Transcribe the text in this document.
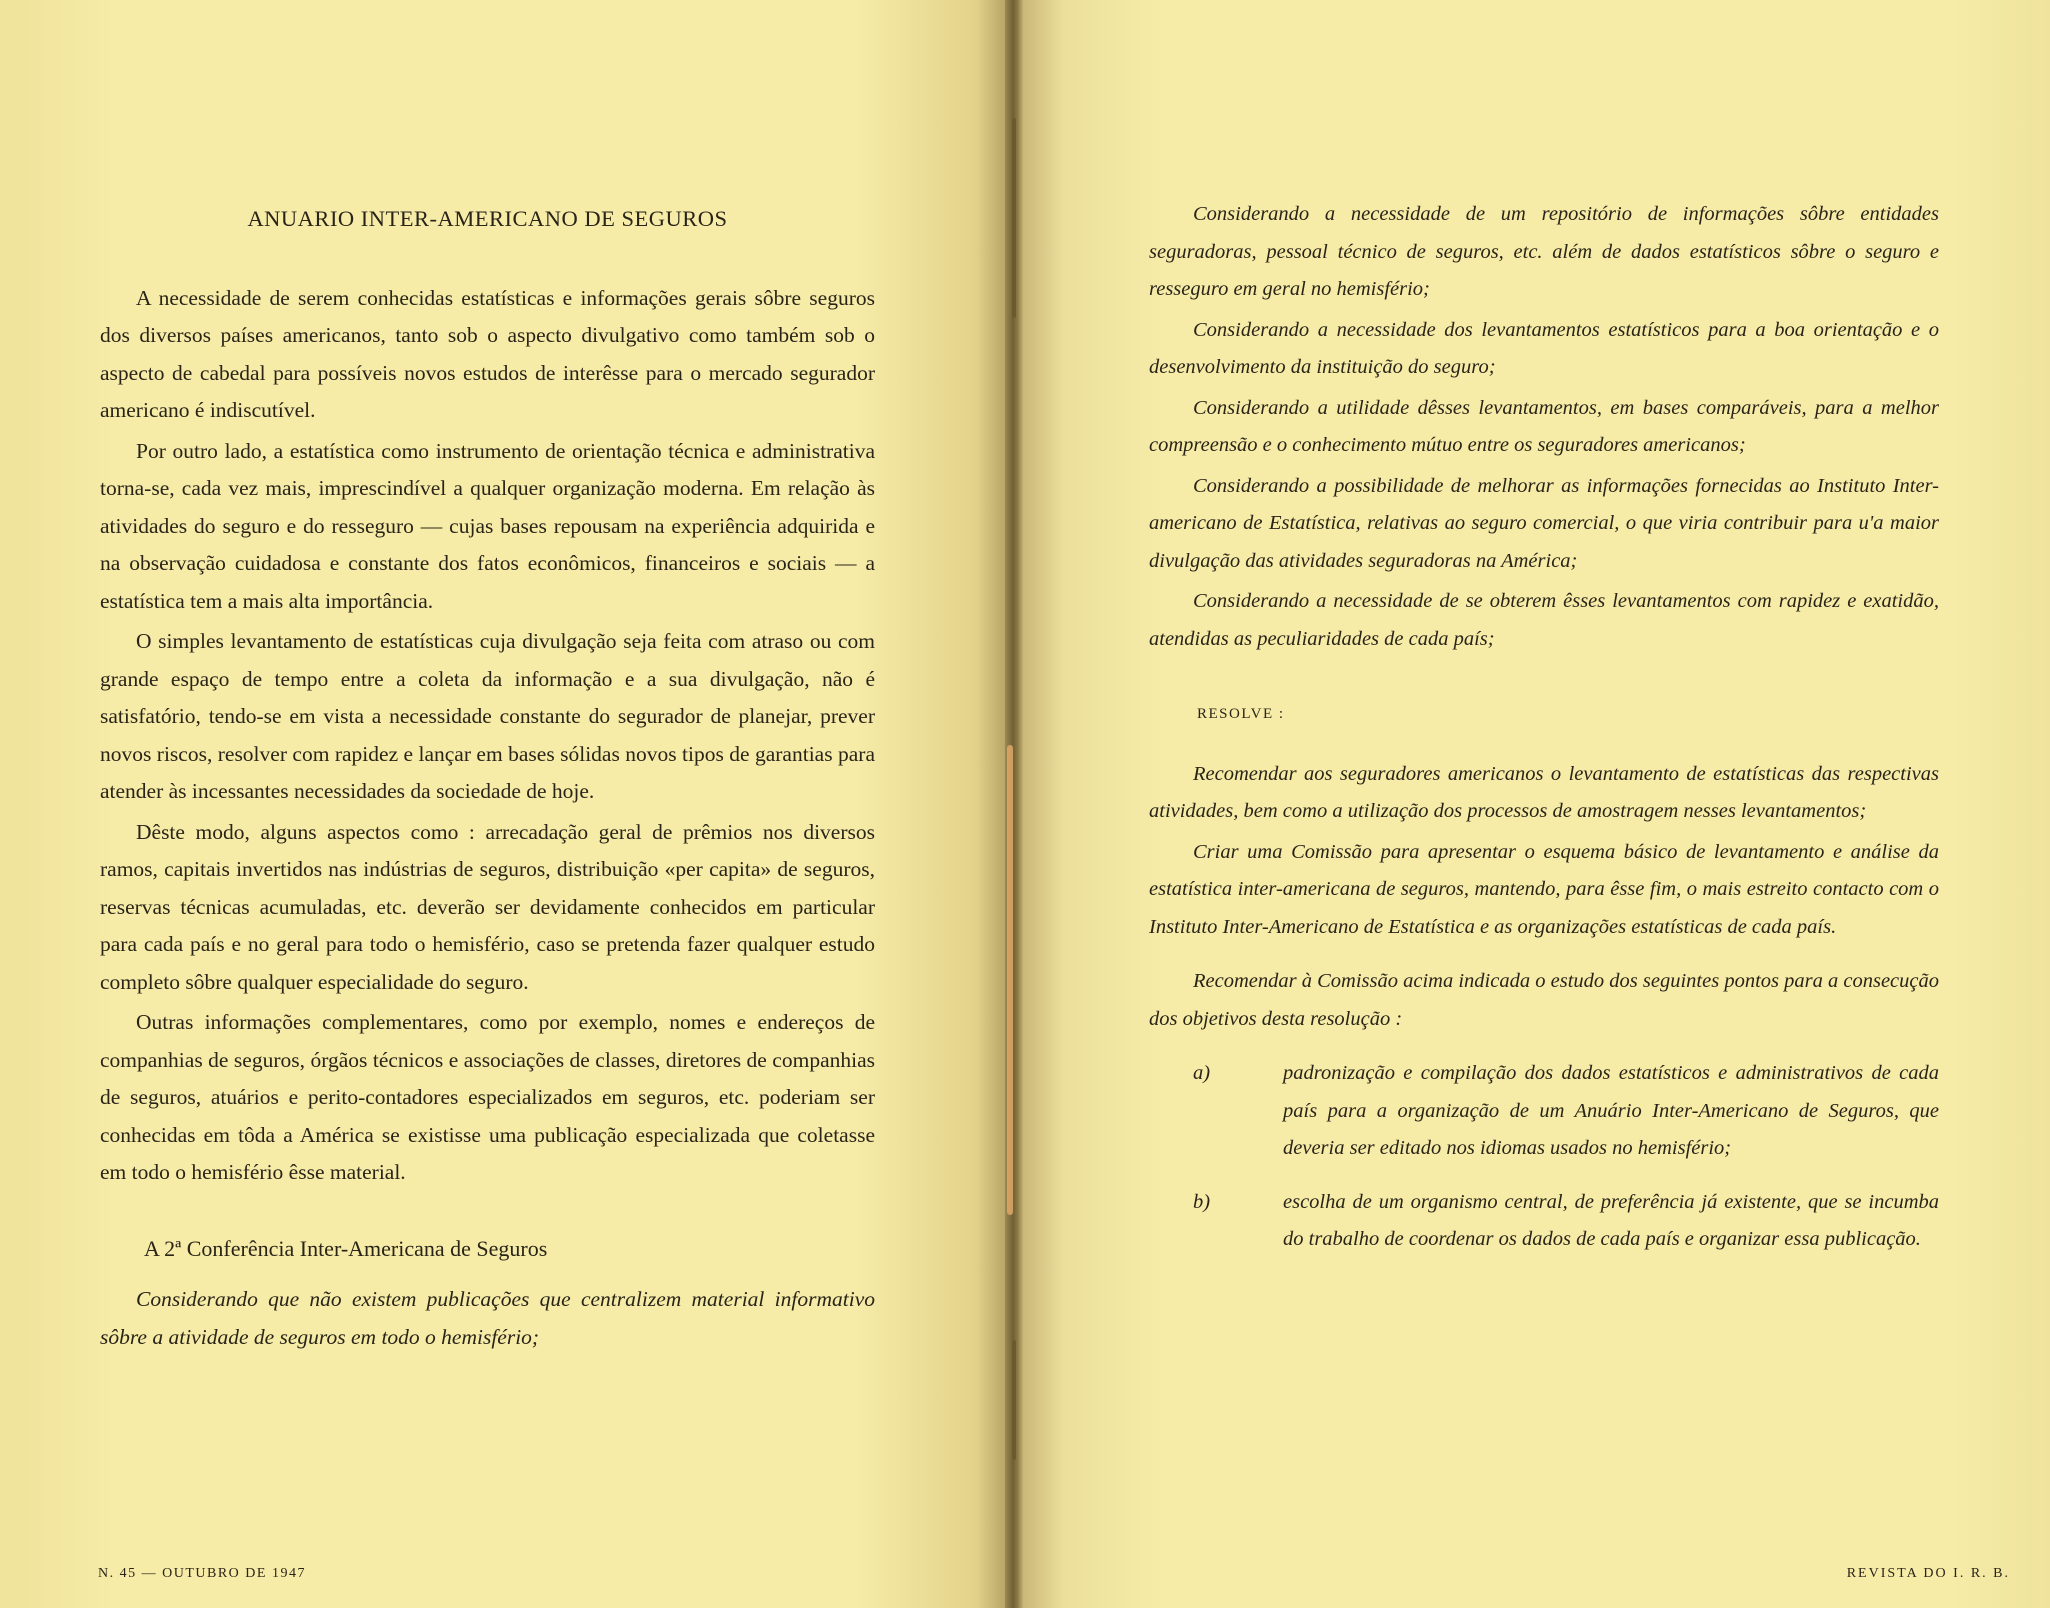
ANUARIO INTER-AMERICANO DE SEGUROS

A necessidade de serem conhecidas estatísticas e informações gerais sôbre seguros dos diversos países americanos, tanto sob o aspecto divulgativo como também sob o aspecto de cabedal para possíveis novos estudos de interêsse para o mercado segurador americano é indiscutível.

Por outro lado, a estatística como instrumento de orientação técnica e administrativa torna-se, cada vez mais, imprescindível a qualquer organização moderna. Em relação às atividades do seguro e do resseguro — cujas bases repousam na experiência adquirida e na observação cuidadosa e constante dos fatos econômicos, financeiros e sociais — a estatística tem a mais alta importância.

O simples levantamento de estatísticas cuja divulgação seja feita com atraso ou com grande espaço de tempo entre a coleta da informação e a sua divulgação, não é satisfatório, tendo-se em vista a necessidade constante do segurador de planejar, prever novos riscos, resolver com rapidez e lançar em bases sólidas novos tipos de garantias para atender às incessantes necessidades da sociedade de hoje.

Dêste modo, alguns aspectos como : arrecadação geral de prêmios nos diversos ramos, capitais invertidos nas indústrias de seguros, distribuição «per capita» de seguros, reservas técnicas acumuladas, etc. deverão ser devidamente conhecidos em particular para cada país e no geral para todo o hemisfério, caso se pretenda fazer qualquer estudo completo sôbre qualquer especialidade do seguro.

Outras informações complementares, como por exemplo, nomes e endereços de companhias de seguros, órgãos técnicos e associações de classes, diretores de companhias de seguros, atuários e perito-contadores especializados em seguros, etc. poderiam ser conhecidas em tôda a América se existisse uma publicação especializada que coletasse em todo o hemisfério êsse material.

A 2ª Conferência Inter-Americana de Seguros

Considerando que não existem publicações que centralizem material informativo sôbre a atividade de seguros em todo o hemisfério;

N. 45 — OUTUBRO DE 1947

Considerando a necessidade de um repositório de informações sôbre entidades seguradoras, pessoal técnico de seguros, etc. além de dados estatísticos sôbre o seguro e resseguro em geral no hemisfério;

Considerando a necessidade dos levantamentos estatísticos para a boa orientação e o desenvolvimento da instituição do seguro;

Considerando a utilidade dêsses levantamentos, em bases comparáveis, para a melhor compreensão e o conhecimento mútuo entre os seguradores americanos;

Considerando a possibilidade de melhorar as informações fornecidas ao Instituto Inter-americano de Estatística, relativas ao seguro comercial, o que viria contribuir para u'a maior divulgação das atividades seguradoras na América;

Considerando a necessidade de se obterem êsses levantamentos com rapidez e exatidão, atendidas as peculiaridades de cada país;

RESOLVE :

Recomendar aos seguradores americanos o levantamento de estatísticas das respectivas atividades, bem como a utilização dos processos de amostragem nesses levantamentos;

Criar uma Comissão para apresentar o esquema básico de levantamento e análise da estatística inter-americana de seguros, mantendo, para êsse fim, o mais estreito contacto com o Instituto Inter-Americano de Estatística e as organizações estatísticas de cada país.

Recomendar à Comissão acima indicada o estudo dos seguintes pontos para a consecução dos objetivos desta resolução :

a)	padronização e compilação dos dados estatísticos e administrativos de cada país para a organização de um Anuário Inter-Americano de Seguros, que deveria ser editado nos idiomas usados no hemisfério;
b)	escolha de um organismo central, de preferência já existente, que se incumba do trabalho de coordenar os dados de cada país e organizar essa publicação.
REVISTA DO I. R. B.
